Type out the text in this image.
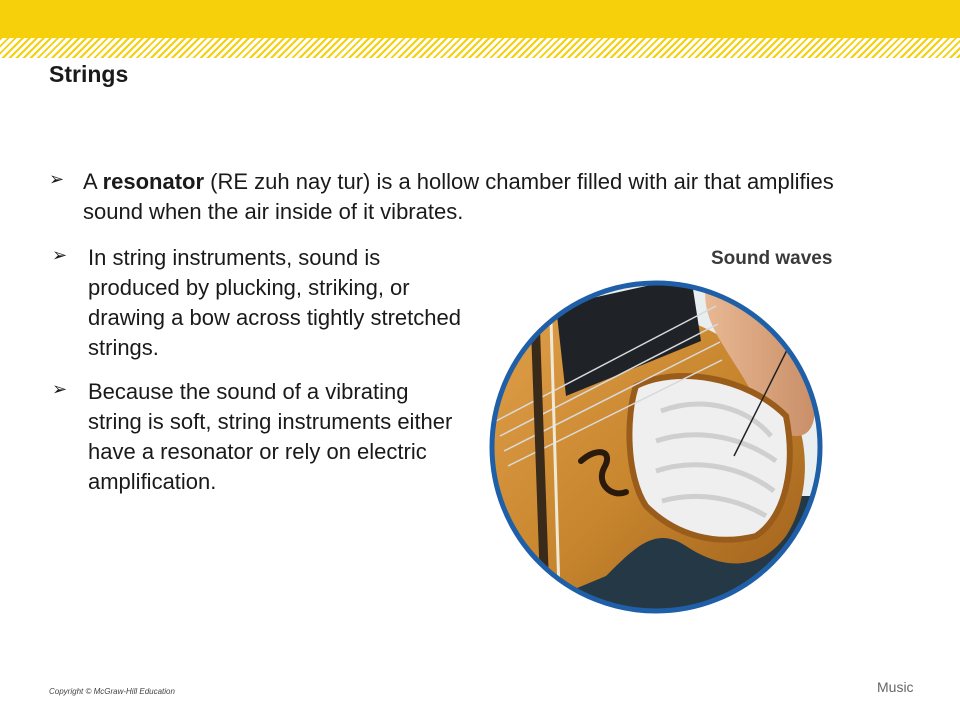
Strings
➢ A resonator (RE zuh nay tur) is a hollow chamber filled with air that amplifies sound when the air inside of it vibrates.
➢ In string instruments, sound is produced by plucking, striking, or drawing a bow across tightly stretched strings.
➢ Because the sound of a vibrating string is soft, string instruments either have a resonator or rely on electric amplification.
Sound waves
Copyright © McGraw-Hill Education	Music
